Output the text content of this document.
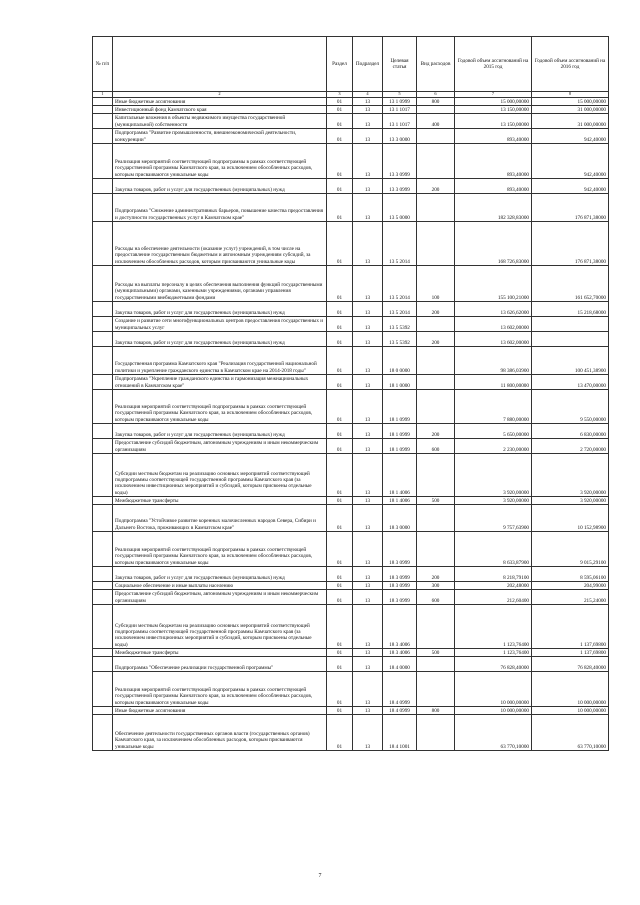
№ п/п		Раздел	Подраздел	Целевая статья	Вид расходов	Годовой объем ассигнований на 2015 год	Годовой объем ассигнований на 2016 год
1	2	3	4	5	6	7	8
	Иные бюджетные ассигнования	01	13	13 1 0999	800	15 000,00000	15 000,00000
	Инвестиционный фонд Камчатского края	01	13	13 1 1017		13 150,00000	31 000,00000
	Капитальные вложения в объекты недвижимого имущества государственной (муниципальной) собственности	01	13	13 1 1017	400	13 150,00000	31 000,00000
	Подпрограмма "Развитие промышленности, внешнеэкономической деятельности, конкуренции"	01	13	13 3 0000		893,40000	942,40000
	Реализация мероприятий соответствующей подпрограммы в рамках соответствующей государственной программы Камчатского края, за исключением обособленных расходов, которым присваиваются уникальные коды	01	13	13 3 0999		893,40000	942,40000
	Закупка товаров, работ и услуг для государственных (муниципальных) нужд	01	13	13 3 0999	200	893,40000	942,40000
	Подпрограмма "Снижение административных барьеров, повышение качества предоставления и доступности государственных услуг в Камчатском крае"	01	13	13 5 0000		182 328,83000	176 871,38000
	Расходы на обеспечение деятельности (оказание услуг) учреждений, в том числе на предоставление государственным бюджетным и автономным учреждениям субсидий, за исключением обособленных расходов, которым присваиваются уникальные коды	01	13	13 5 2014		168 726,83000	176 871,38000
	Расходы на выплаты персоналу в целях обеспечения выполнения функций государственными (муниципальными) органами, казенными учреждениями, органами управления государственными внебюджетными фондами	01	13	13 5 2014	100	155 100,21000	161 652,70000
	Закупка товаров, работ и услуг для государственных (муниципальных) нужд	01	13	13 5 2014	200	13 626,62000	15 218,68000
	Создание и развитие сети многофункциональных центров предоставления государственных и муниципальных услуг	01	13	13 5 5392		13 602,00000	
	Закупка товаров, работ и услуг для государственных (муниципальных) нужд	01	13	13 5 5392	200	13 602,00000	
	Государственная программа Камчатского края "Реализация государственной национальной политики и укрепление гражданского единства в Камчатском крае на 2014-2018 годы"	01	13	18 0 0000		98 386,03900	100 451,38900
	Подпрограмма "Укрепление гражданского единства и гармонизация межнациональных отношений в Камчатском крае"	01	13	18 1 0000		11 800,00000	13 470,00000
	Реализация мероприятий соответствующей подпрограммы в рамках соответствующей государственной программы Камчатского края, за исключением обособленных расходов, которым присваиваются уникальные коды	01	13	18 1 0999		7 880,00000	9 550,00000
	Закупка товаров, работ и услуг для государственных (муниципальных) нужд	01	13	18 1 0999	200	5 650,00000	6 830,00000
	Предоставление субсидий бюджетным, автономным учреждениям и иным некоммерческим организациям	01	13	18 1 0999	600	2 230,00000	2 720,00000
	Субсидии местным бюджетам на реализацию основных мероприятий соответствующей подпрограммы соответствующей государственной программы Камчатского края (за исключением инвестиционных мероприятий и субсидий, которым присвоены отдельные коды)	01	13	18 1 4006		3 920,00000	3 920,00000
	Межбюджетные трансферты	01	13	18 1 4006	500	3 920,00000	3 920,00000
	Подпрограмма "Устойчивое развитие коренных малочисленных народов Севера, Сибири и Дальнего Востока, проживающих в Камчатском крае"	01	13	18 3 0000		9 757,63900	10 152,98900
	Реализация мероприятий соответствующей подпрограммы в рамках соответствующей государственной программы Камчатского края, за исключением обособленных расходов, которым присваиваются уникальные коды	01	13	18 3 0999		8 633,87900	9 015,29100
	Закупка товаров, работ и услуг для государственных (муниципальных) нужд	01	13	18 3 0999	200	8 218,79100	8 595,06100
	Социальное обеспечение и иные выплаты населению	01	13	18 3 0999	300	202,48000	204,99000
	Предоставление субсидий бюджетным, автономным учреждениям и иным некоммерческим организациям	01	13	18 3 0999	600	212,60400	215,24000
	Субсидии местным бюджетам на реализацию основных мероприятий соответствующей подпрограммы соответствующей государственной программы Камчатского края (за исключением инвестиционных мероприятий и субсидий, которым присвоены отдельные коды)	01	13	18 3 4006		1 123,76400	1 137,69800
	Межбюджетные трансферты	01	13	18 3 4006	500	1 123,76400	1 137,69800
	Подпрограмма "Обеспечение реализации государственной программы"	01	13	18 4 0000		76 828,40000	76 828,40000
	Реализация мероприятий соответствующей подпрограммы в рамках соответствующей государственной программы Камчатского края, за исключением обособленных расходов, которым присваиваются уникальные коды	01	13	18 4 0999		10 000,00000	10 000,00000
	Иные бюджетные ассигнования	01	13	18 4 0999	800	10 000,00000	10 000,00000
	Обеспечение деятельности государственных органов власти (государственных органов) Камчатского края, за исключением обособленных расходов, которым присваиваются уникальные коды	01	13	18 4 1001		63 770,10000	63 770,10000
7
